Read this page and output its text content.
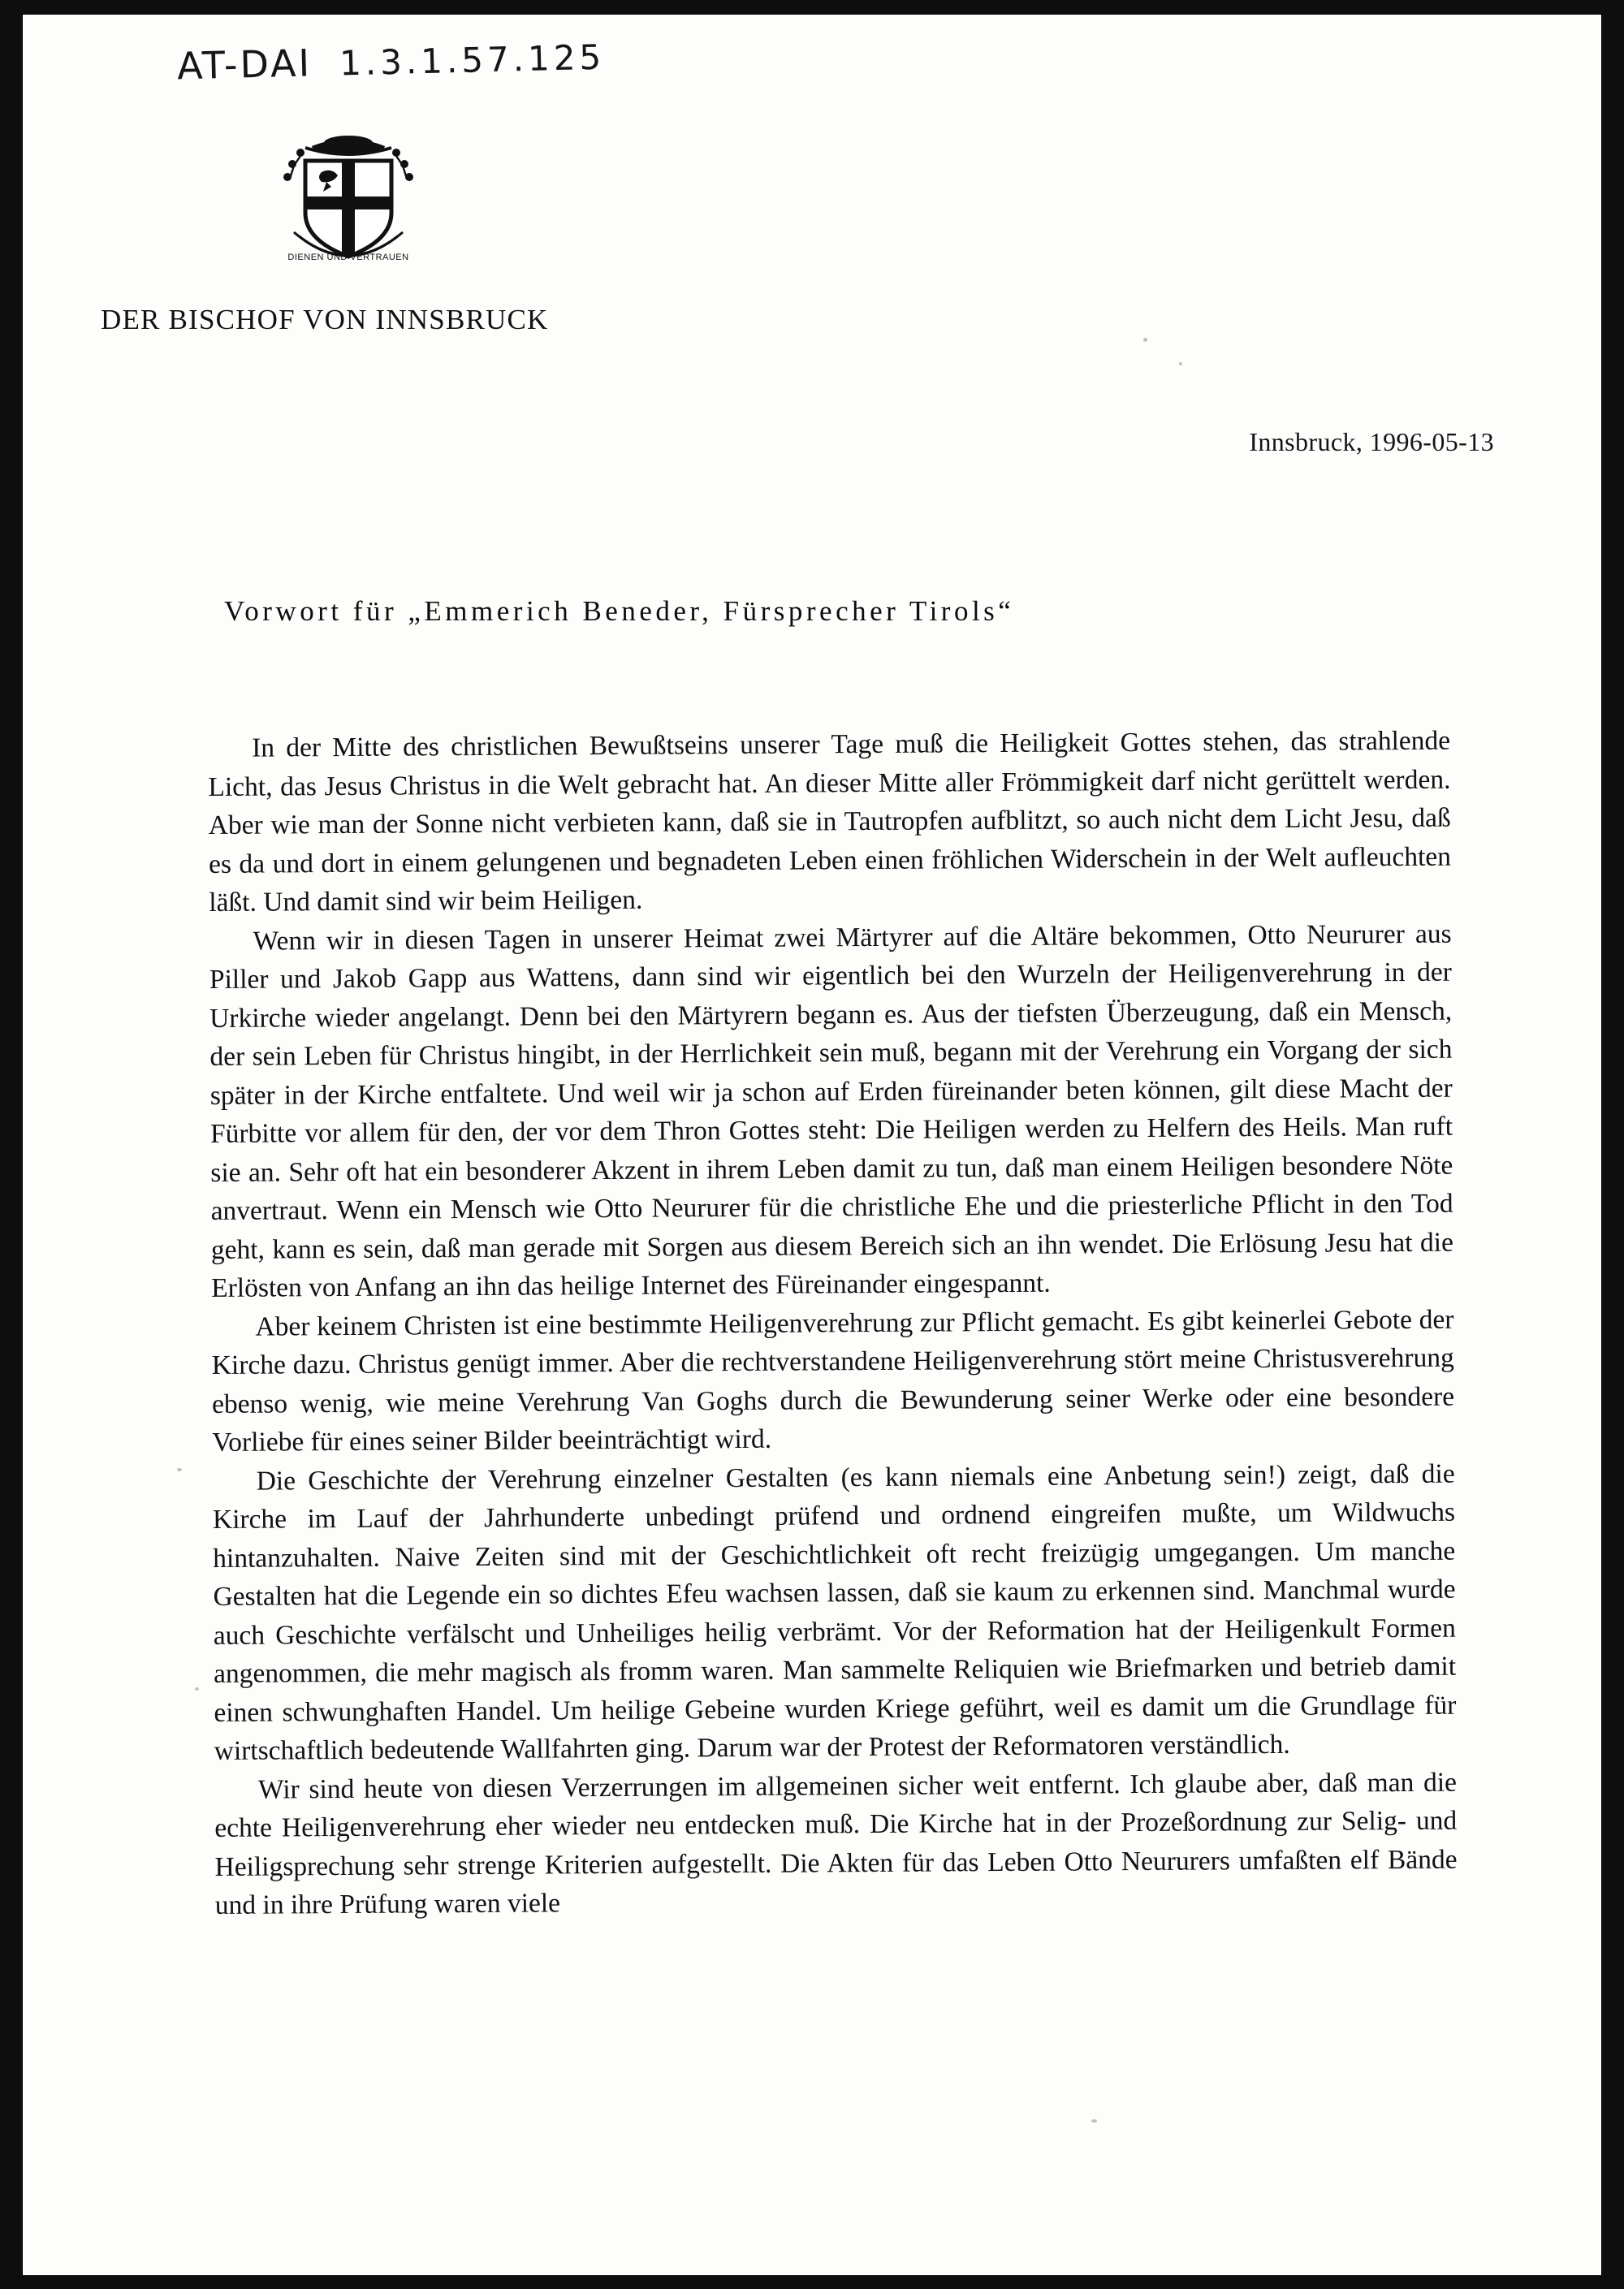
AT-DAI 1.3.1.57.125
DIENEN UND VERTRAUEN
DER BISCHOF VON INNSBRUCK
Innsbruck, 1996-05-13
Vorwort für „Emmerich Beneder, Fürsprecher Tirols“

In der Mitte des christlichen Bewußtseins unserer Tage muß die Heiligkeit Gottes stehen, das strahlende Licht, das Jesus Christus in die Welt gebracht hat. An dieser Mitte aller Frömmigkeit darf nicht gerüttelt werden. Aber wie man der Sonne nicht verbieten kann, daß sie in Tautropfen aufblitzt, so auch nicht dem Licht Jesu, daß es da und dort in einem gelungenen und begnadeten Leben einen fröhlichen Widerschein in der Welt aufleuchten läßt. Und damit sind wir beim Heiligen.

Wenn wir in diesen Tagen in unserer Heimat zwei Märtyrer auf die Altäre bekommen, Otto Neururer aus Piller und Jakob Gapp aus Wattens, dann sind wir eigentlich bei den Wurzeln der Heiligenverehrung in der Urkirche wieder angelangt. Denn bei den Märtyrern begann es. Aus der tiefsten Überzeugung, daß ein Mensch, der sein Leben für Christus hingibt, in der Herrlichkeit sein muß, begann mit der Verehrung ein Vorgang der sich später in der Kirche entfaltete. Und weil wir ja schon auf Erden füreinander beten können, gilt diese Macht der Fürbitte vor allem für den, der vor dem Thron Gottes steht: Die Heiligen werden zu Helfern des Heils. Man ruft sie an. Sehr oft hat ein besonderer Akzent in ihrem Leben damit zu tun, daß man einem Heiligen besondere Nöte anvertraut. Wenn ein Mensch wie Otto Neururer für die christliche Ehe und die priesterliche Pflicht in den Tod geht, kann es sein, daß man gerade mit Sorgen aus diesem Bereich sich an ihn wendet. Die Erlösung Jesu hat die Erlösten von Anfang an ihn das heilige Internet des Füreinander eingespannt.

Aber keinem Christen ist eine bestimmte Heiligenverehrung zur Pflicht gemacht. Es gibt keinerlei Gebote der Kirche dazu. Christus genügt immer. Aber die rechtverstandene Heiligenverehrung stört meine Christusverehrung ebenso wenig, wie meine Verehrung Van Goghs durch die Bewunderung seiner Werke oder eine besondere Vorliebe für eines seiner Bilder beeinträchtigt wird.

Die Geschichte der Verehrung einzelner Gestalten (es kann niemals eine Anbetung sein!) zeigt, daß die Kirche im Lauf der Jahrhunderte unbedingt prüfend und ordnend eingreifen mußte, um Wildwuchs hintanzuhalten. Naive Zeiten sind mit der Geschichtlichkeit oft recht freizügig umgegangen. Um manche Gestalten hat die Legende ein so dichtes Efeu wachsen lassen, daß sie kaum zu erkennen sind. Manchmal wurde auch Geschichte verfälscht und Unheiliges heilig verbrämt. Vor der Reformation hat der Heiligenkult Formen angenommen, die mehr magisch als fromm waren. Man sammelte Reliquien wie Briefmarken und betrieb damit einen schwunghaften Handel. Um heilige Gebeine wurden Kriege geführt, weil es damit um die Grundlage für wirtschaftlich bedeutende Wallfahrten ging. Darum war der Protest der Reformatoren verständlich.

Wir sind heute von diesen Verzerrungen im allgemeinen sicher weit entfernt. Ich glaube aber, daß man die echte Heiligenverehrung eher wieder neu entdecken muß. Die Kirche hat in der Prozeßordnung zur Selig- und Heiligsprechung sehr strenge Kriterien aufgestellt. Die Akten für das Leben Otto Neururers umfaßten elf Bände und in ihre Prüfung waren viele
